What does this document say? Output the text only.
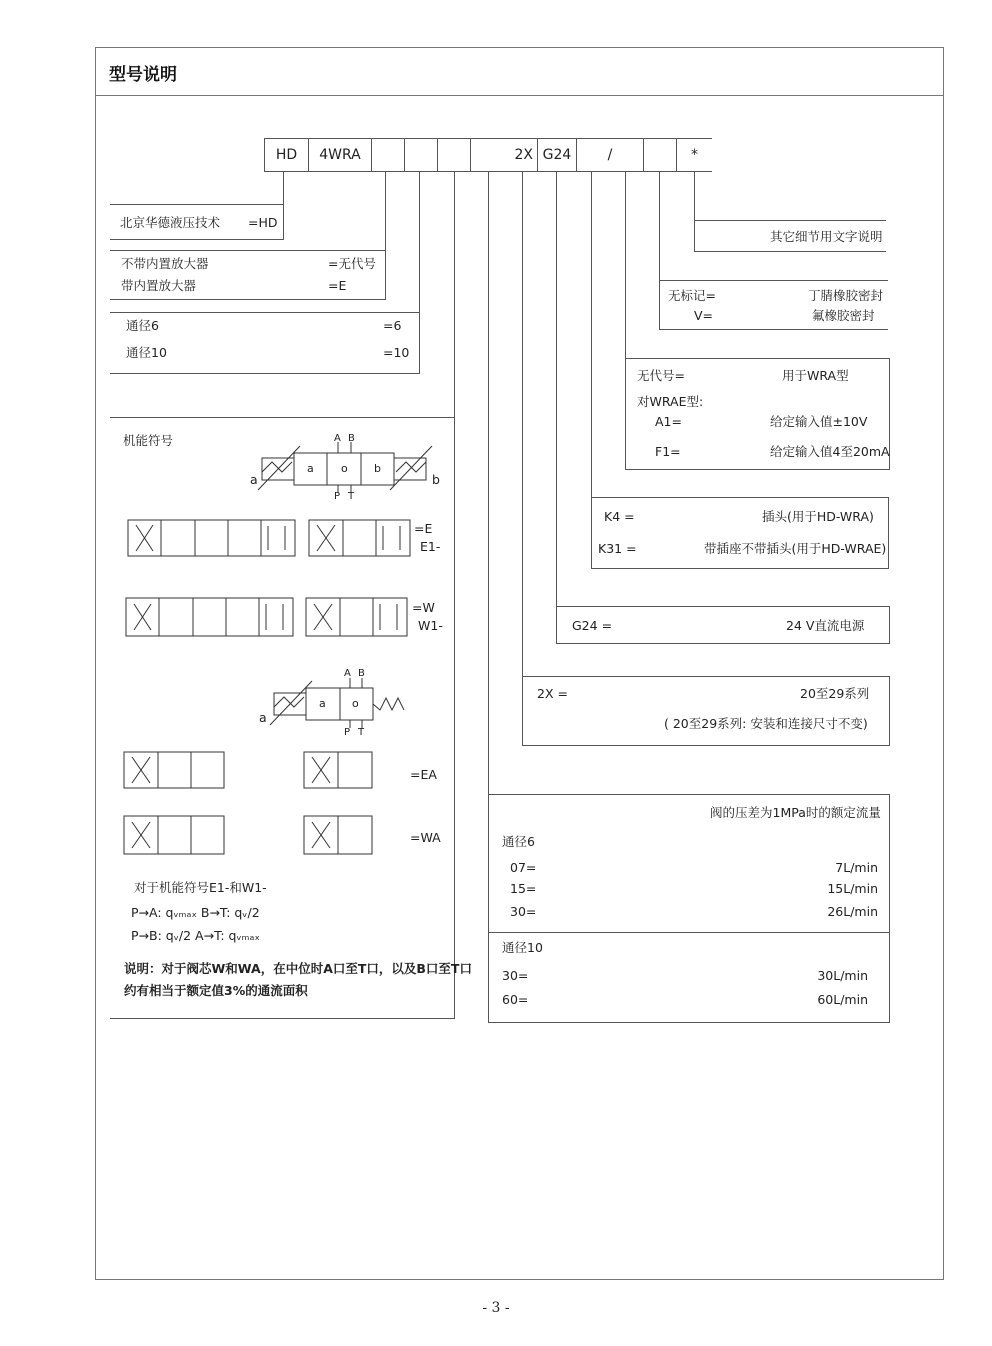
型号说明
HD	4WRA	2X G24	/	*
北京华德液压技术 =HD
不带内置放大器	=无代号
带内置放大器	=E
通径6	=6
通径10	=10
其它细节用文字说明
无标记=	丁腈橡胶密封
V=	氟橡胶密封
无代号=	用于WRA型
对WRAE型:
A1=	给定输入值±10V
F1=	给定输入值4至20mA
K4 =	插头(用于HD-WRA)
K31 =	带插座不带插头(用于HD-WRAE)
G24 =	24 V直流电源
2X =	20至29系列
( 20至29系列: 安装和连接尺寸不变)
阀的压差为1MPa时的额定流量
通径6
07=	7L/min
15=	15L/min
30=	26L/min
通径10
30=	30L/min
60=	60L/min
机能符号	A B
P T
a	b
a o b
=E
E1-
=W
W1-
A B
P T
a
a o
=EA
=WA
对于机能符号E1-和W1-
P→A: qᵥₘₐₓ B→T: qᵥ/2
P→B: qᵥ/2 A→T: qᵥₘₐₓ
说明：对于阀芯W和WA，在中位时A口至T口，以及B口至T口
约有相当于额定值3%的通流面积
- 3 -
